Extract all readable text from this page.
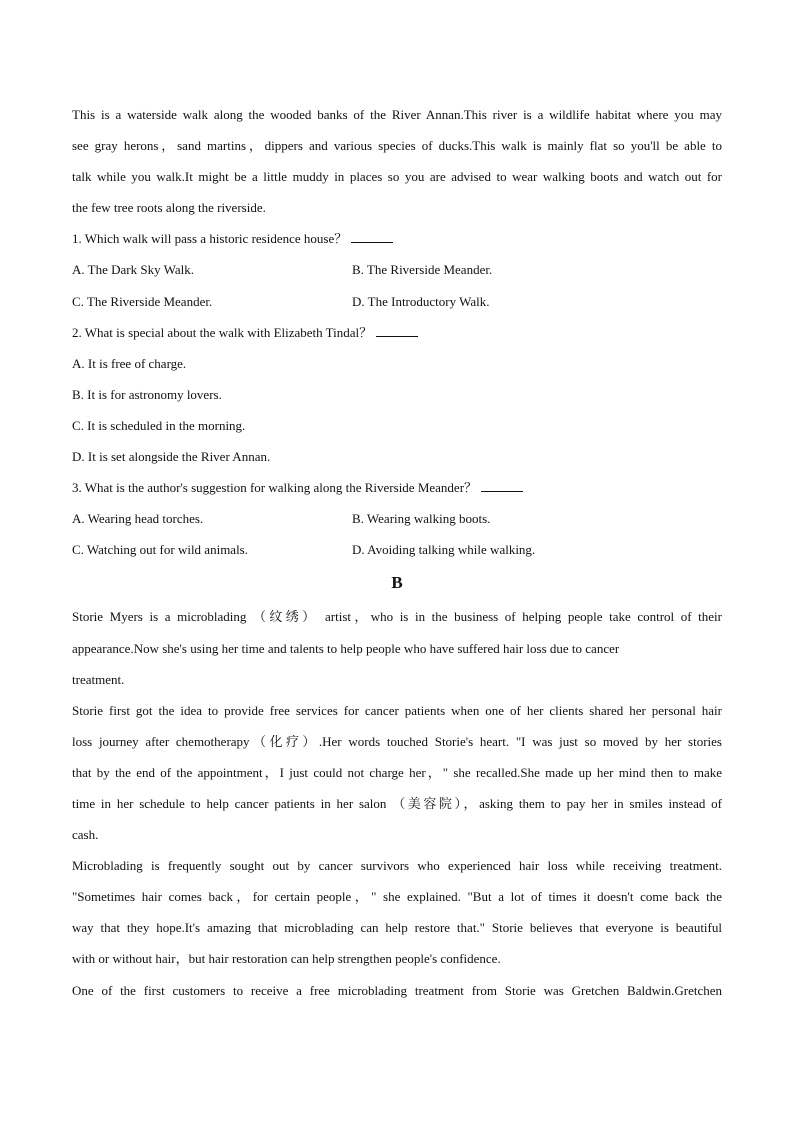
This is a waterside walk along the wooded banks of the River Annan.This river is a wildlife habitat where you may
see gray herons，sand martins，dippers and various species of ducks.This walk is mainly flat so you'll be able to
talk while you walk.It might be a little muddy in places so you are advised to wear walking boots and watch out for
the few tree roots along the riverside.
1. Which walk will pass a historic residence house？
A. The Dark Sky Walk.	B. The Riverside Meander.
C. The Riverside Meander.	D. The Introductory Walk.
2. What is special about the walk with Elizabeth Tindal？
A. It is free of charge.
B. It is for astronomy lovers.
C. It is scheduled in the morning.
D. It is set alongside the River Annan.
3. What is the author's suggestion for walking along the Riverside Meander？
A. Wearing head torches.	B. Wearing walking boots.
C. Watching out for wild animals.	D. Avoiding talking while walking.
B
Storie Myers is a microblading （纹绣） artist，who is in the business of helping people take control of their
appearance.Now she's using her time and talents to help people who have suffered hair loss due to cancer
treatment.
Storie first got the idea to provide free services for cancer patients when one of her clients shared her personal hair
loss journey after chemotherapy（化疗）.Her words touched Storie's heart. "I was just so moved by her stories
that by the end of the appointment，I just could not charge her，" she recalled.She made up her mind then to make
time in her schedule to help cancer patients in her salon （美容院），asking them to pay her in smiles instead of
cash.
Microblading is frequently sought out by cancer survivors who experienced hair loss while receiving treatment.
"Sometimes hair comes back，for certain people，" she explained. "But a lot of times it doesn't come back the
way that they hope.It's amazing that microblading can help restore that." Storie believes that everyone is beautiful
with or without hair，but hair restoration can help strengthen people's confidence.
One of the first customers to receive a free microblading treatment from Storie was Gretchen Baldwin.Gretchen
